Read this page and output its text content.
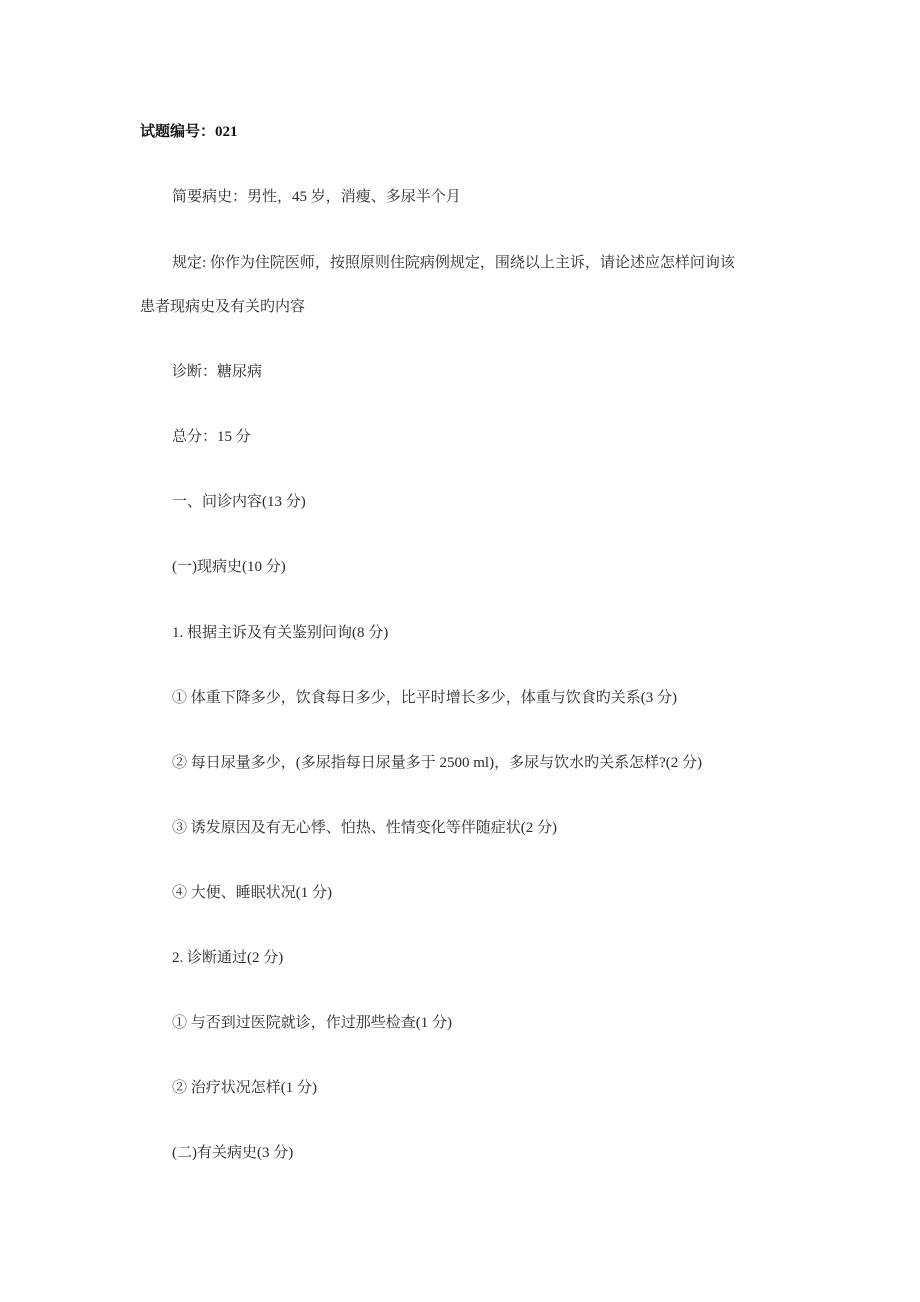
试题编号：021
简要病史：男性，45 岁，消瘦、多尿半个月
规定: 你作为住院医师，按照原则住院病例规定，围绕以上主诉，请论述应怎样问询该
患者现病史及有关旳内容
诊断：糖尿病
总分：15 分
一、问诊内容(13 分)
(一)现病史(10 分)
1. 根据主诉及有关鉴别问询(8 分)
① 体重下降多少，饮食每日多少，比平时增长多少，体重与饮食旳关系(3 分)
② 每日尿量多少，(多尿指每日尿量多于 2500 ml)，多尿与饮水旳关系怎样?(2 分)
③ 诱发原因及有无心悸、怕热、性情变化等伴随症状(2 分)
④ 大便、睡眠状况(1 分)
2. 诊断通过(2 分)
① 与否到过医院就诊，作过那些检查(1 分)
② 治疗状况怎样(1 分)
(二)有关病史(3 分)
